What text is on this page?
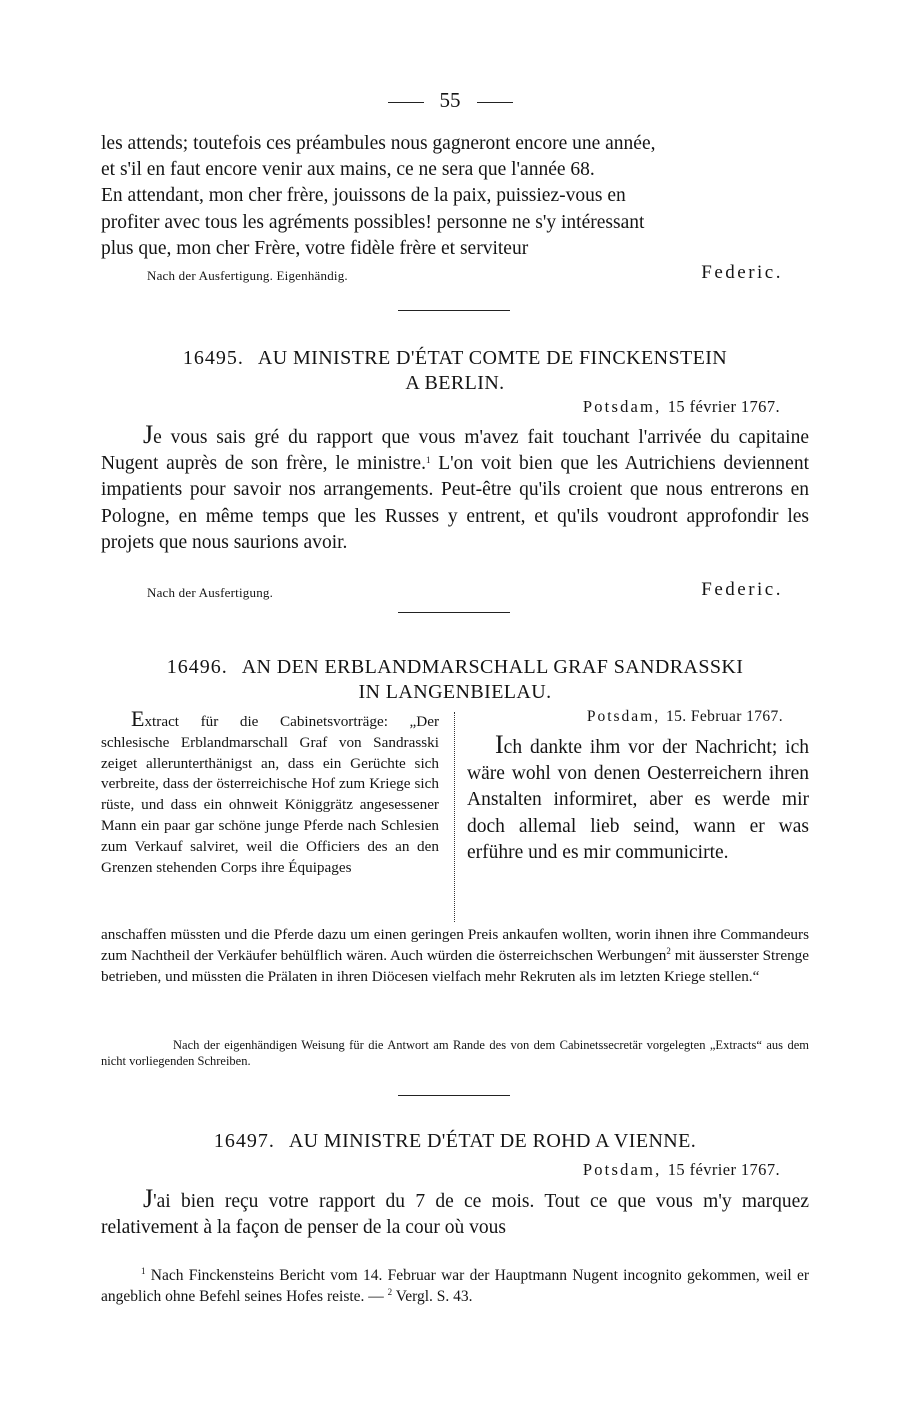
55

les attends; toutefois ces préambules nous gagneront encore une année,

et s'il en faut encore venir aux mains, ce ne sera que l'année 68.

En attendant, mon cher frère, jouissons de la paix, puissiez-vous en

profiter avec tous les agréments possibles! personne ne s'y intéressant

plus que, mon cher Frère, votre fidèle frère et serviteur

Nach der Ausfertigung. Eigenhändig.	Federic.
16495. AU MINISTRE D'ÉTAT COMTE DE FINCKENSTEIN
A BERLIN.
Potsdam, 15 février 1767.

Je vous sais gré du rapport que vous m'avez fait touchant l'arrivée du capitaine Nugent auprès de son frère, le ministre.$^1$ L'on voit bien que les Autrichiens deviennent impatients pour savoir nos arrangements. Peut-être qu'ils croient que nous entrerons en Pologne, en même temps que les Russes y entrent, et qu'ils voudront approfondir les projets que nous saurions avoir.

Nach der Ausfertigung.	Federic.
16496. AN DEN ERBLANDMARSCHALL GRAF SANDRASSKI
IN LANGENBIELAU.

Extract für die Cabinetsvorträge: „Der schlesische Erblandmarschall Graf von Sandrasski zeiget allerunterthänigst an, dass ein Gerüchte sich verbreite, dass der österreichische Hof zum Kriege sich rüste, und dass ein ohnweit Königgrätz angesessener Mann ein paar gar schöne junge Pferde nach Schlesien zum Verkauf salviret, weil die Officiers des an den Grenzen stehenden Corps ihre Équipages

Potsdam, 15. Februar 1767.

Ich dankte ihm vor der Nachricht; ich wäre wohl von denen Oesterreichern ihren Anstalten informiret, aber es werde mir doch allemal lieb seind, wann er was erführe und es mir communicirte.

anschaffen müssten und die Pferde dazu um einen geringen Preis ankaufen wollten, worin ihnen ihre Commandeurs zum Nachtheil der Verkäufer behülflich wären. Auch würden die österreichschen Werbungen$^2$ mit äusserster Strenge betrieben, und müssten die Prälaten in ihren Diöcesen vielfach mehr Rekruten als im letzten Kriege stellen.“

Nach der eigenhändigen Weisung für die Antwort am Rande des von dem Cabinetssecretär vorgelegten „Extracts“ aus dem nicht vorliegenden Schreiben.

16497. AU MINISTRE D'ÉTAT DE ROHD A VIENNE.
Potsdam, 15 février 1767.

J'ai bien reçu votre rapport du 7 de ce mois. Tout ce que vous m'y marquez relativement à la façon de penser de la cour où vous

$^1$ Nach Finckensteins Bericht vom 14. Februar war der Hauptmann Nugent incognito gekommen, weil er angeblich ohne Befehl seines Hofes reiste. — $^2$ Vergl. S. 43.
